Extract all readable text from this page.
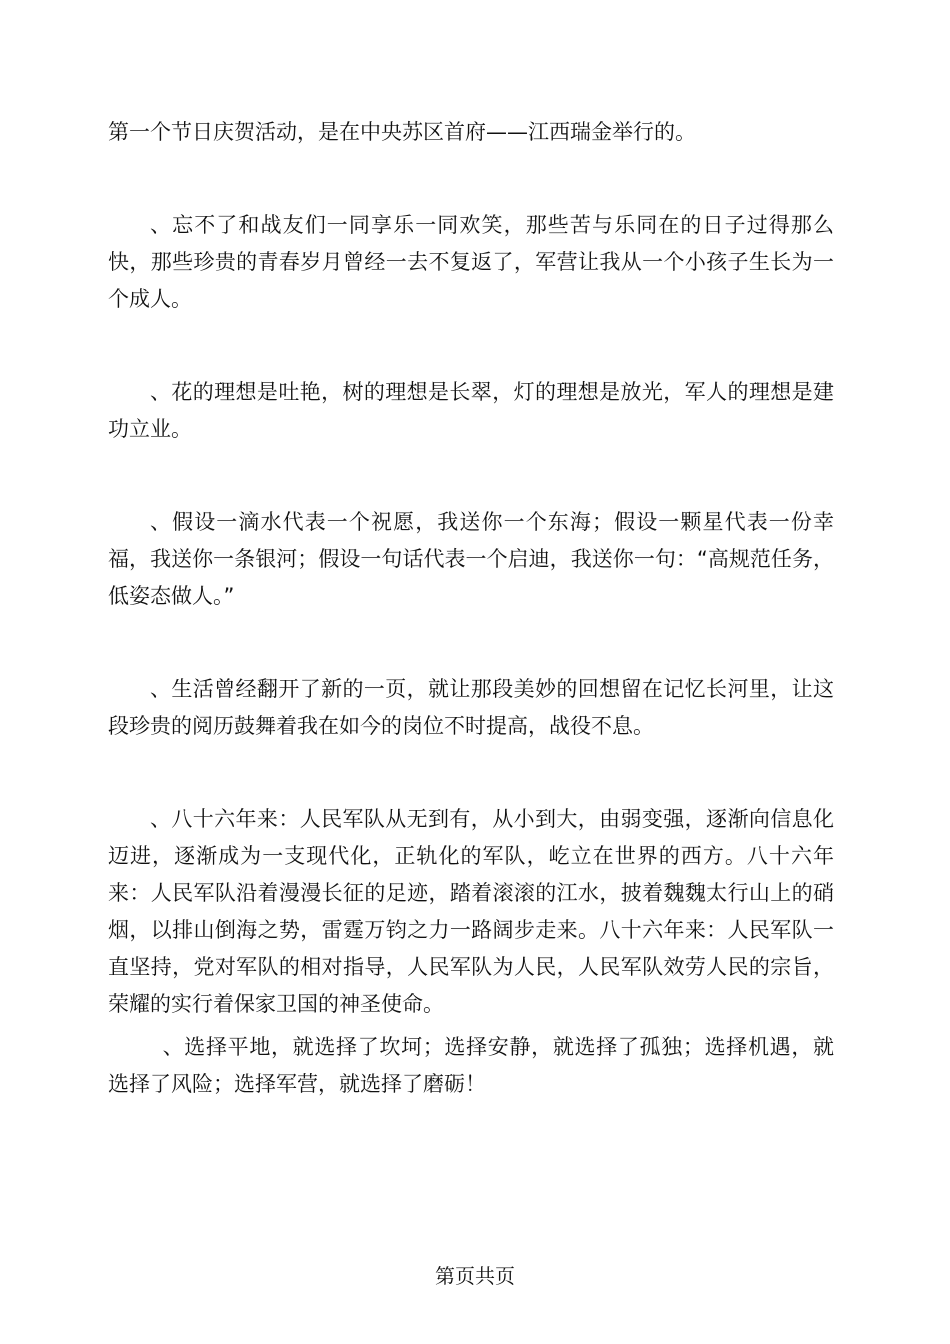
第一个节日庆贺活动，是在中央苏区首府——江西瑞金举行的。

、忘不了和战友们一同享乐一同欢笑，那些苦与乐同在的日子过得那么快，那些珍贵的青春岁月曾经一去不复返了，军营让我从一个小孩子生长为一个成人。

、花的理想是吐艳，树的理想是长翠，灯的理想是放光，军人的理想是建功立业。

、假设一滴水代表一个祝愿，我送你一个东海；假设一颗星代表一份幸福，我送你一条银河；假设一句话代表一个启迪，我送你一句：“高规范任务，低姿态做人。”

、生活曾经翻开了新的一页，就让那段美妙的回想留在记忆长河里，让这段珍贵的阅历鼓舞着我在如今的岗位不时提高，战役不息。

、八十六年来：人民军队从无到有，从小到大，由弱变强，逐渐向信息化迈进，逐渐成为一支现代化，正轨化的军队，屹立在世界的西方。八十六年来：人民军队沿着漫漫长征的足迹，踏着滚滚的江水，披着魏魏太行山上的硝烟，以排山倒海之势，雷霆万钧之力一路阔步走来。八十六年来：人民军队一直坚持，党对军队的相对指导，人民军队为人民，人民军队效劳人民的宗旨，荣耀的实行着保家卫国的神圣使命。

、选择平地，就选择了坎坷；选择安静，就选择了孤独；选择机遇，就选择了风险；选择军营，就选择了磨砺！

第页共页
